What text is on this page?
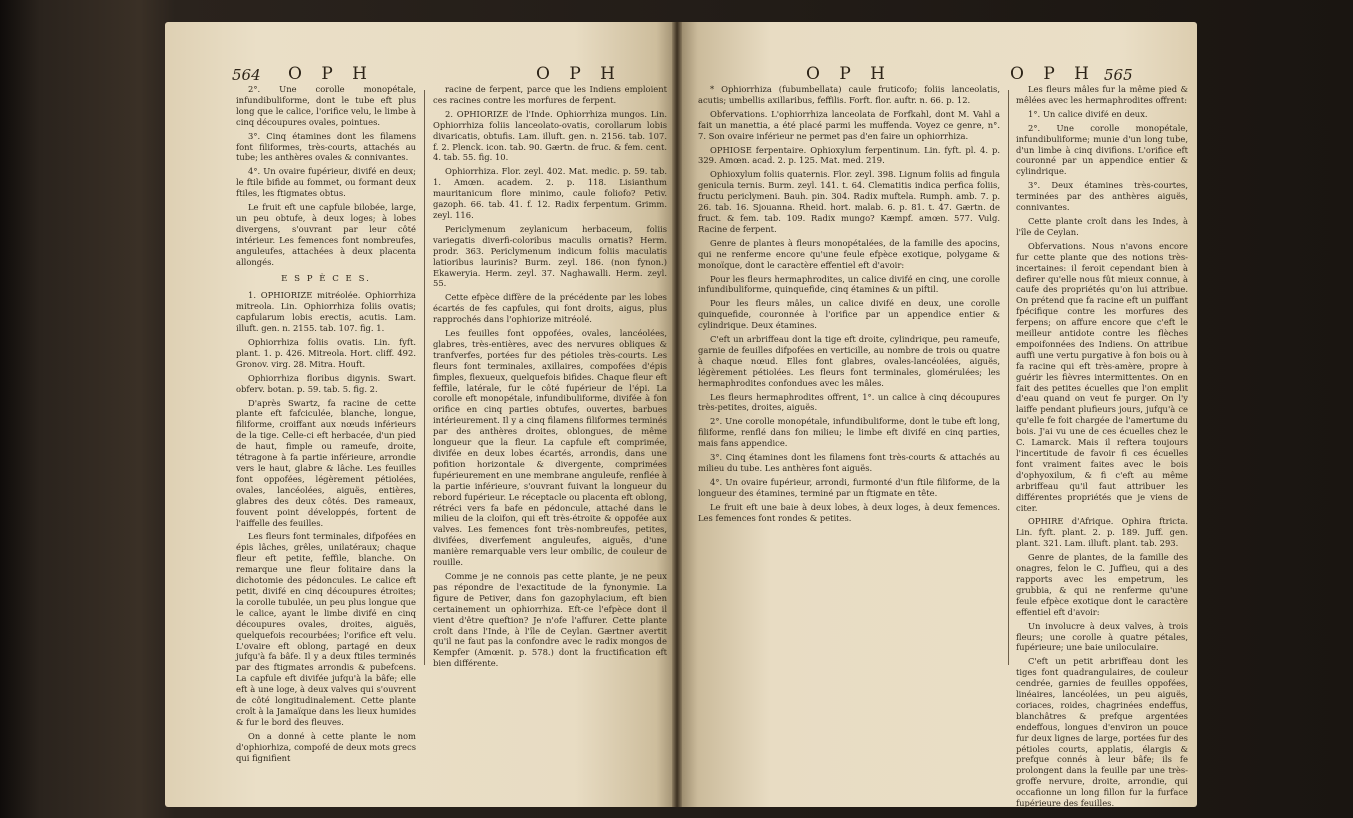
564 O P H	O P H	O P H	O P H 565

2°. Une corolle monopétale, infundibuliforme, dont le tube eft plus long que le calice, l'orifice velu, le limbe à cinq découpures ovales, pointues.

3°. Cinq étamines dont les filamens font filiformes, très-courts, attachés au tube; les anthères ovales & connivantes.

4°. Un ovaire fupérieur, divifé en deux; le ftile bifide au fommet, ou formant deux ftiles, les ftigmates obtus.

Le fruit eft une capfule bilobée, large, un peu obtufe, à deux loges; à lobes divergens, s'ouvrant par leur côté intérieur. Les femences font nombreufes, anguleufes, attachées à deux placenta allongés.

E S P È C E S.

1. OPHIORIZE mitréolée. Ophiorrhiza mitreola. Lin. Ophiorrhiza foliis ovatis; capfularum lobis erectis, acutis. Lam. illuft. gen. n. 2155. tab. 107. fig. 1.

Ophiorrhiza foliis ovatis. Lin. fyft. plant. 1. p. 426. Mitreola. Hort. cliff. 492. Gronov. virg. 28. Mitra. Houft.

Ophiorrhiza floribus digynis. Swart. obferv. botan. p. 59. tab. 5. fig. 2.

D'après Swartz, fa racine de cette plante eft fafciculée, blanche, longue, filiforme, croiffant aux nœuds inférieurs de la tige. Celle-ci eft herbacée, d'un pied de haut, fimple ou rameufe, droite, tétragone à fa partie inférieure, arrondie vers le haut, glabre & lâche. Les feuilles font oppofées, légèrement pétiolées, ovales, lancéolées, aiguës, entières, glabres des deux côtés. Des rameaux, fouvent point développés, fortent de l'aiffelle des feuilles.

Les fleurs font terminales, difpofées en épis lâches, grêles, unilatéraux; chaque fleur eft petite, feffile, blanche. On remarque une fleur folitaire dans la dichotomie des pédoncules. Le calice eft petit, divifé en cinq découpures étroites; la corolle tubulée, un peu plus longue que le calice, ayant le limbe divifé en cinq découpures ovales, droites, aiguës, quelquefois recourbées; l'orifice eft velu. L'ovaire eft oblong, partagé en deux jufqu'à fa bâfe. Il y a deux ftiles terminés par des ftigmates arrondis & pubefcens. La capfule eft divifée jufqu'à la bâfe; elle eft à une loge, à deux valves qui s'ouvrent de côté longitudinalement. Cette plante croît à la Jamaïque dans les lieux humides & fur le bord des fleuves.

On a donné à cette plante le nom d'ophiorhiza, compofé de deux mots grecs qui fignifient

racine de ferpent, parce que les Indiens emploient ces racines contre les morfures de ferpent.

2. OPHIORIZE de l'Inde. Ophiorrhiza mungos. Lin. Ophiorrhiza foliis lanceolato-ovatis, corollarum lobis divaricatis, obtufis. Lam. illuft. gen. n. 2156. tab. 107. f. 2. Plenck. icon. tab. 90. Gærtn. de fruc. & fem. cent. 4. tab. 55. fig. 10.

Ophiorrhiza. Flor. zeyl. 402. Mat. medic. p. 59. tab. 1. Amœn. academ. 2. p. 118. Lisianthum mauritanicum flore minimo, caule foliofo? Petiv. gazoph. 66. tab. 41. f. 12. Radix ferpentum. Grimm. zeyl. 116.

Periclymenum zeylanicum herbaceum, foliis variegatis diverfi-coloribus maculis ornatis? Herm. prodr. 363. Periclymenum indicum foliis maculatis latioribus laurinis? Burm. zeyl. 186. (non fynon.) Ekaweryia. Herm. zeyl. 37. Naghawalli. Herm. zeyl. 55.

Cette efpèce diffère de la précédente par les lobes écartés de fes capfules, qui font droits, aigus, plus rapprochés dans l'ophiorize mitréolé.

Les feuilles font oppofées, ovales, lancéolées, glabres, très-entières, avec des nervures obliques & tranfverfes, portées fur des pétioles très-courts. Les fleurs font terminales, axillaires, compofées d'épis fimples, flexueux, quelquefois bifides. Chaque fleur eft feffile, latérale, fur le côté fupérieur de l'épi. La corolle eft monopétale, infundibuliforme, divifée à fon orifice en cinq parties obtufes, ouvertes, barbues intérieurement. Il y a cinq filamens filiformes terminés par des anthères droites, oblongues, de même longueur que la fleur. La capfule eft comprimée, divifée en deux lobes écartés, arrondis, dans une pofition horizontale & divergente, comprimées fupérieurement en une membrane anguleufe, renflée à la partie inférieure, s'ouvrant fuivant la longueur du rebord fupérieur. Le réceptacle ou placenta eft oblong, rétréci vers fa bafe en pédoncule, attaché dans le milieu de la cloifon, qui eft très-étroite & oppofée aux valves. Les femences font très-nombreufes, petites, divifées, diverfement anguleufes, aiguës, d'une manière remarquable vers leur ombilic, de couleur de rouille.

Comme je ne connois pas cette plante, je ne peux pas répondre de l'exactitude de la fynonymie. La figure de Petiver, dans fon gazophylacium, eft bien certainement un ophiorrhiza. Eft-ce l'efpèce dont il vient d'être queftion? Je n'ofe l'affurer. Cette plante croît dans l'Inde, à l'île de Ceylan. Gærtner avertit qu'il ne faut pas la confondre avec le radix mongos de Kempfer (Amœnit. p. 578.) dont la fructification eft bien différente.

* Ophiorrhiza (fubumbellata) caule fruticofo; foliis lanceolatis, acutis; umbellis axillaribus, feffilis. Forft. flor. auftr. n. 66. p. 12.

Obfervations. L'ophiorrhiza lanceolata de Forfkahl, dont M. Vahl a fait un manettia, a été placé parmi les muffenda. Voyez ce genre, n°. 7. Son ovaire inférieur ne permet pas d'en faire un ophiorrhiza.

OPHIOSE ferpentaire. Ophioxylum ferpentinum. Lin. fyft. pl. 4. p. 329. Amœn. acad. 2. p. 125. Mat. med. 219.

Ophioxylum foliis quaternis. Flor. zeyl. 398. Lignum foliis ad fingula genicula ternis. Burm. zeyl. 141. t. 64. Clematitis indica perfica foliis, fructu periclymeni. Bauh. pin. 304. Radix muftela. Rumph. amb. 7. p. 26. tab. 16. Sjouanna. Rheid. hort. malab. 6. p. 81. t. 47. Gærtn. de fruct. & fem. tab. 109. Radix mungo? Kæmpf. amœn. 577. Vulg. Racine de ferpent.

Genre de plantes à fleurs monopétalées, de la famille des apocins, qui ne renferme encore qu'une feule efpèce exotique, polygame & monoïque, dont le caractère effentiel eft d'avoir:

Pour les fleurs hermaphrodites, un calice divifé en cinq, une corolle infundibuliforme, quinquefide, cinq étamines & un piftil.

Pour les fleurs mâles, un calice divifé en deux, une corolle quinquefide, couronnée à l'orifice par un appendice entier & cylindrique. Deux étamines.

C'eft un arbriffeau dont la tige eft droite, cylindrique, peu rameufe, garnie de feuilles difpofées en verticille, au nombre de trois ou quatre à chaque nœud. Elles font glabres, ovales-lancéolées, aiguës, légèrement pétiolées. Les fleurs font terminales, glomérulées; les hermaphrodites confondues avec les mâles.

Les fleurs hermaphrodites offrent, 1°. un calice à cinq découpures très-petites, droites, aiguës.

2°. Une corolle monopétale, infundibuliforme, dont le tube eft long, filiforme, renflé dans fon milieu; le limbe eft divifé en cinq parties, mais fans appendice.

3°. Cinq étamines dont les filamens font très-courts & attachés au milieu du tube. Les anthères font aiguës.

4°. Un ovaire fupérieur, arrondi, furmonté d'un ftile filiforme, de la longueur des étamines, terminé par un ftigmate en tête.

Le fruit eft une baie à deux lobes, à deux loges, à deux femences. Les femences font rondes & petites.

Les fleurs mâles fur la même pied & mêlées avec les hermaphrodites offrent:

1°. Un calice divifé en deux.

2°. Une corolle monopétale, infundibuliforme; munie d'un long tube, d'un limbe à cinq divifions. L'orifice eft couronné par un appendice entier & cylindrique.

3°. Deux étamines très-courtes, terminées par des anthères aiguës, connivantes.

Cette plante croît dans les Indes, à l'île de Ceylan.

Obfervations. Nous n'avons encore fur cette plante que des notions très-incertaines: il feroit cependant bien à defirer qu'elle nous fût mieux connue, à caufe des propriétés qu'on lui attribue. On prétend que fa racine eft un puiffant fpécifique contre les morfures des ferpens; on affure encore que c'eft le meilleur antidote contre les flèches empoifonnées des Indiens. On attribue auffi une vertu purgative à fon bois ou à fa racine qui eft très-amère, propre à guérir les fièvres intermittentes. On en fait des petites écuelles que l'on emplit d'eau quand on veut fe purger. On l'y laiffe pendant plufieurs jours, jufqu'à ce qu'elle fe foit chargée de l'amertume du bois. J'ai vu une de ces écuelles chez le C. Lamarck. Mais il reftera toujours l'incertitude de favoir fi ces écuelles font vraiment faites avec le bois d'ophyoxilum, & fi c'eft au même arbriffeau qu'il faut attribuer les différentes propriétés que je viens de citer.

OPHIRE d'Afrique. Ophira ftricta. Lin. fyft. plant. 2. p. 189. Juff. gen. plant. 321. Lam. illuft. plant. tab. 293.

Genre de plantes, de la famille des onagres, felon le C. Juffieu, qui a des rapports avec les empetrum, les grubbia, & qui ne renferme qu'une feule efpèce exotique dont le caractère effentiel eft d'avoir:

Un involucre à deux valves, à trois fleurs; une corolle à quatre pétales, fupérieure; une baie uniloculaire.

C'eft un petit arbriffeau dont les tiges font quadrangulaires, de couleur cendrée, garnies de feuilles oppofées, linéaires, lancéolées, un peu aiguës, coriaces, roides, chagrinées endeffus, blanchâtres & prefque argentées endeffous, longues d'environ un pouce fur deux lignes de large, portées fur des pétioles courts, applatis, élargis & prefque connés à leur bâfe; ils fe prolongent dans la feuille par une très-groffe nervure, droite, arrondie, qui occafionne un long fillon fur la furface fupérieure des feuilles.
